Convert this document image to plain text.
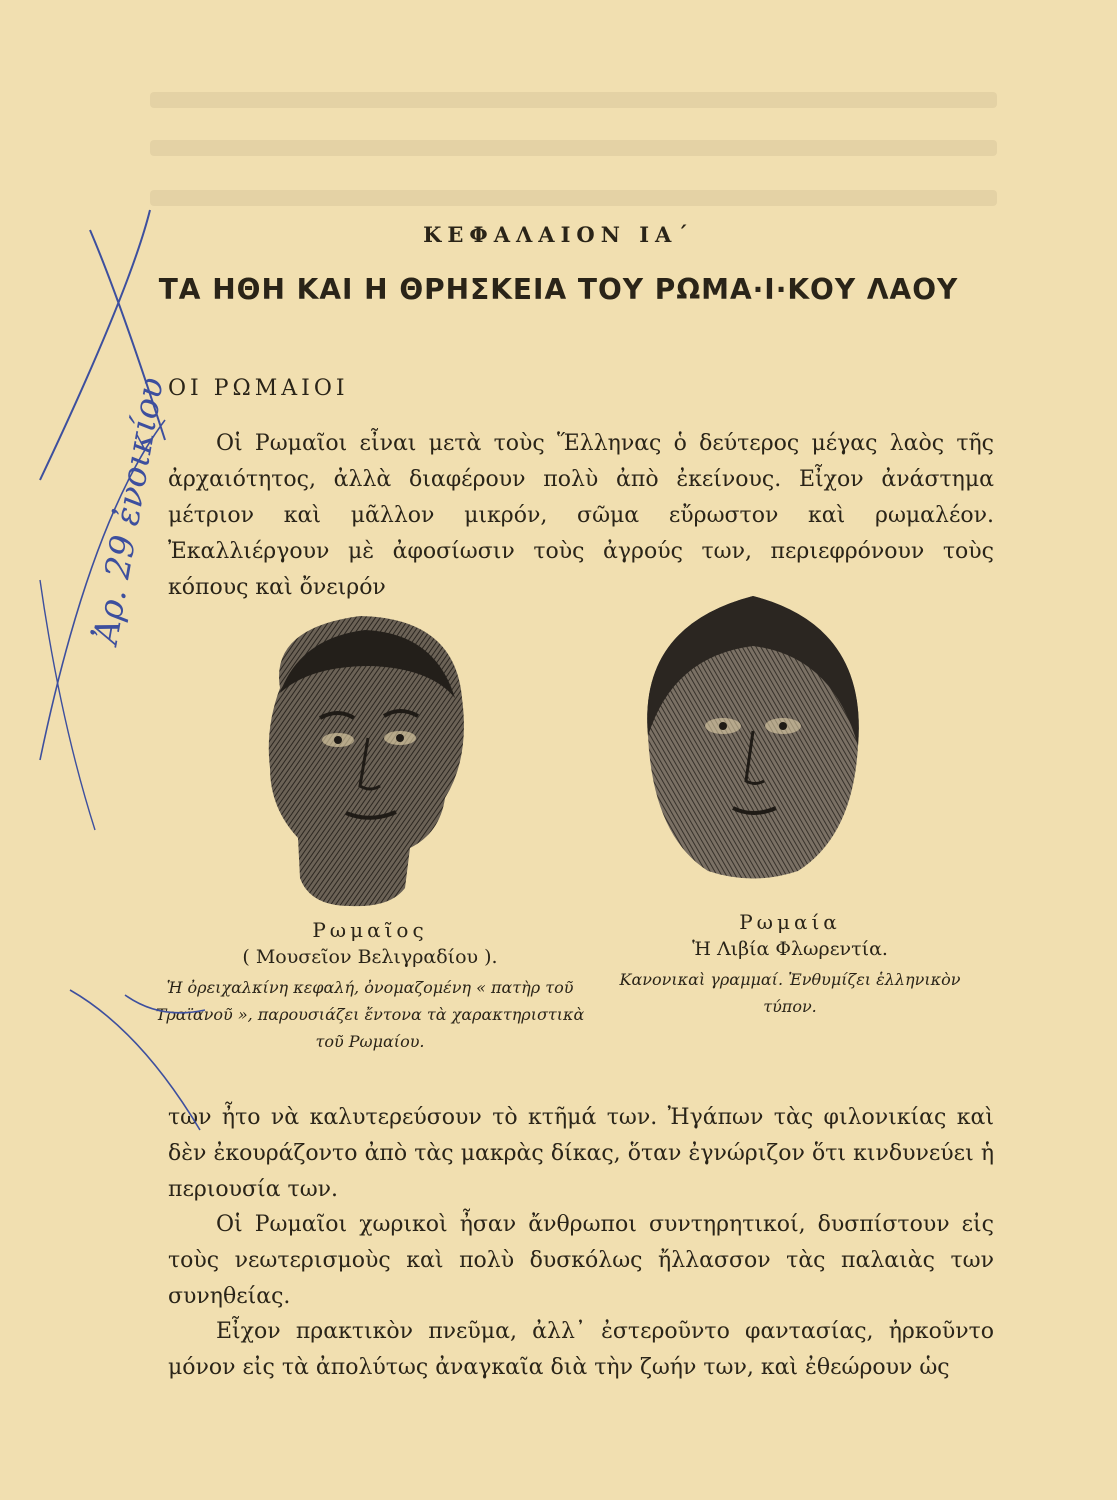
ΚΕΦΑΛΑΙΟΝ ΙΑ΄
ΤΑ ΗΘΗ ΚΑΙ Η ΘΡΗΣΚΕΙΑ ΤΟΥ ΡΩΜΑ·Ι·ΚΟΥ ΛΑΟΥ
ΟΙ ΡΩΜΑΙΟΙ
Οἱ Ρωμαῖοι εἶναι μετὰ τοὺς Ἕλληνας ὁ δεύτερος μέγας λαὸς τῆς ἀρχαιότητος, ἀλλὰ διαφέρουν πολὺ ἀπὸ ἐκείνους. Εἶχον ἀνάστημα μέτριον καὶ μᾶλλον μικρόν, σῶμα εὔρωστον καὶ ρωμαλέον. Ἐκαλλιέργουν μὲ ἀφοσίωσιν τοὺς ἀγρούς των, περιεφρόνουν τοὺς κόπους καὶ ὄνειρόν
Ρωμαῖος
( Μουσεῖον Βελιγραδίου ).
Ἡ ὀρειχαλκίνη κεφαλή, ὀνομαζομένη « πατὴρ τοῦ Τραϊανοῦ », παρουσιάζει ἔντονα τὰ χαρακτηριστικὰ τοῦ Ρωμαίου.
Ρωμαία
Ἡ Λιβία Φλωρεντία.
Κανονικαὶ γραμμαί. Ἐνθυμίζει ἑλληνικὸν τύπον.
των ἦτο νὰ καλυτερεύσουν τὸ κτῆμά των. Ἠγάπων τὰς φιλονικίας καὶ δὲν ἐκουράζοντο ἀπὸ τὰς μακρὰς δίκας, ὅταν ἐγνώριζον ὅτι κινδυνεύει ἡ περιουσία των.
Οἱ Ρωμαῖοι χωρικοὶ ἦσαν ἄνθρωποι συντηρητικοί, δυσπίστουν εἰς τοὺς νεωτερισμοὺς καὶ πολὺ δυσκόλως ἤλλασσον τὰς παλαιὰς των συνηθείας.
Εἶχον πρακτικὸν πνεῦμα, ἀλλ᾿ ἐστεροῦντο φαντασίας, ἠρκοῦντο μόνον εἰς τὰ ἀπολύτως ἀναγκαῖα διὰ τὴν ζωήν των, καὶ ἐθεώρουν ὡς
Ἀρ. 29 ἐνοικίου
